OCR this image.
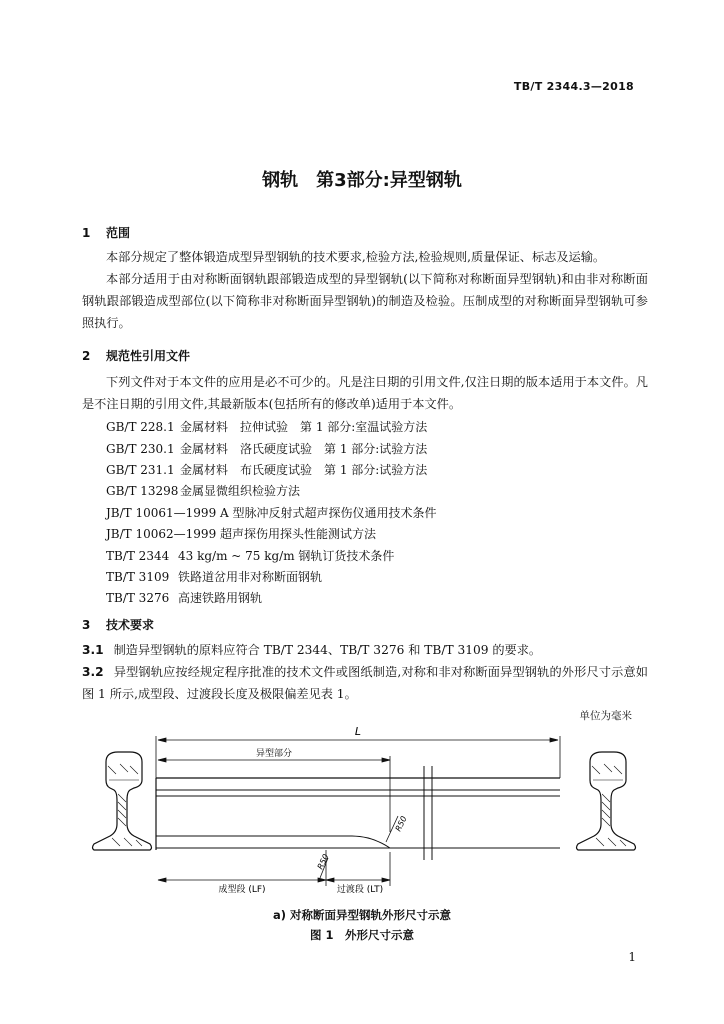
TB/T 2344.3—2018
钢轨　第3部分:异型钢轨
1 范围
本部分规定了整体锻造成型异型钢轨的技术要求,检验方法,检验规则,质量保证、标志及运输。
本部分适用于由对称断面钢轨跟部锻造成型的异型钢轨(以下简称对称断面异型钢轨)和由非对称断面钢轨跟部锻造成型部位(以下简称非对称断面异型钢轨)的制造及检验。压制成型的对称断面异型钢轨可参照执行。
2 规范性引用文件
下列文件对于本文件的应用是必不可少的。凡是注日期的引用文件,仅注日期的版本适用于本文件。凡是不注日期的引用文件,其最新版本(包括所有的修改单)适用于本文件。
GB/T 228.1 金属材料　拉伸试验　第 1 部分:室温试验方法
GB/T 230.1 金属材料　洛氏硬度试验　第 1 部分:试验方法
GB/T 231.1 金属材料　布氏硬度试验　第 1 部分:试验方法
GB/T 13298 金属显微组织检验方法
JB/T 10061—1999 A 型脉冲反射式超声探伤仪通用技术条件
JB/T 10062—1999 超声探伤用探头性能测试方法
TB/T 2344 43 kg/m ~ 75 kg/m 钢轨订货技术条件
TB/T 3109 铁路道岔用非对称断面钢轨
TB/T 3276 高速铁路用钢轨
3 技术要求
3.1 制造异型钢轨的原料应符合 TB/T 2344、TB/T 3276 和 TB/T 3109 的要求。
3.2 异型钢轨应按经规定程序批准的技术文件或图纸制造,对称和非对称断面异型钢轨的外形尺寸示意如图 1 所示,成型段、过渡段长度及极限偏差见表 1。
单位为毫米
L
异型部分
R50
R50
成型段 (LF)	过渡段 (LT)
a) 对称断面异型钢轨外形尺寸示意
图 1　外形尺寸示意
1
